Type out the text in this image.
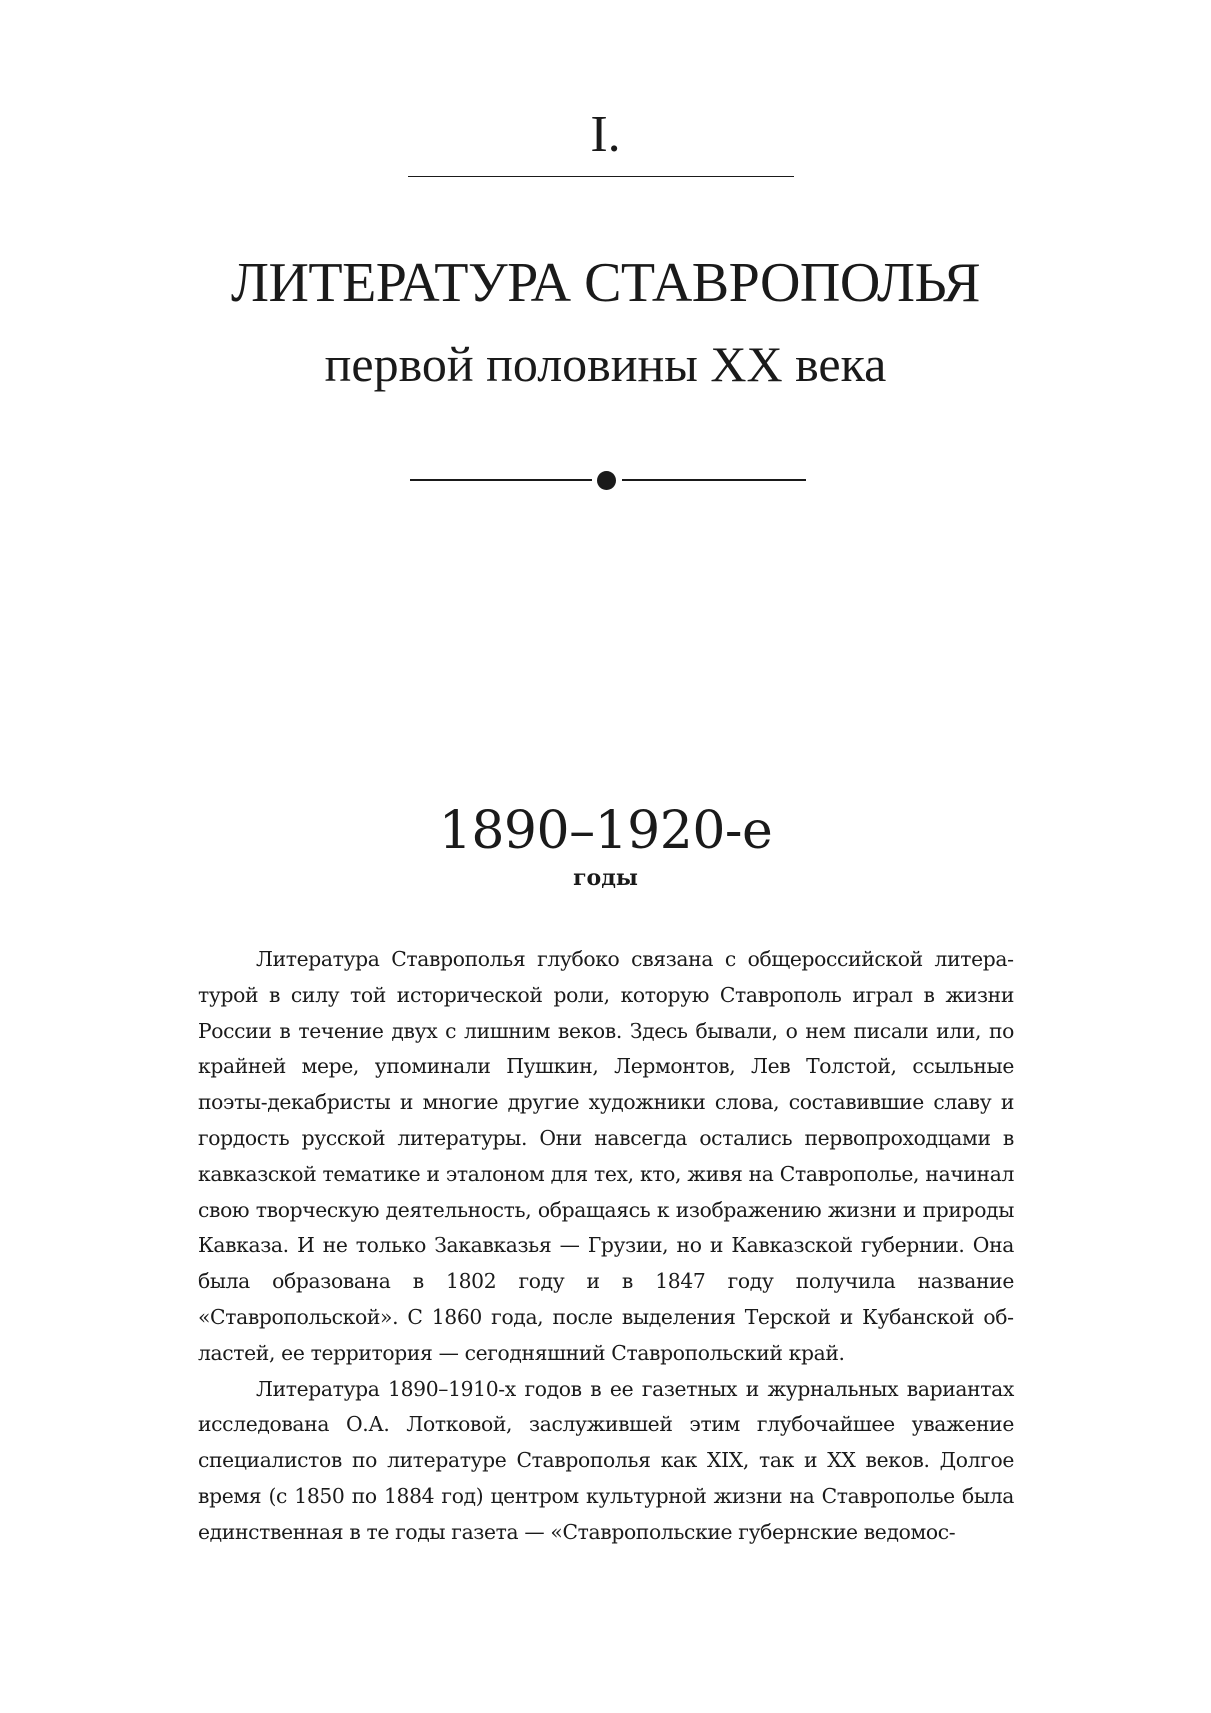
I.
ЛИТЕРАТУРА СТАВРОПОЛЬЯ
первой половины XX века
1890–1920-е
годы

Литература Ставрополья глубоко связана с общероссийской литературой в силу той исторической роли, которую Ставрополь играл в жизни России в течение двух с лишним веков. Здесь бывали, о нем писали или, по крайней мере, упоминали Пушкин, Лермонтов, Лев Толстой, ссыльные поэты-декабристы и многие другие художники слова, составившие славу и гордость русской литературы. Они навсегда остались первопроходцами в кавказской тематике и эталоном для тех, кто, живя на Ставрополье, начинал свою творческую деятельность, обращаясь к изображению жизни и природы Кавказа. И не только Закавказья — Грузии, но и Кавказской губернии. Она была образована в 1802 году и в 1847 году получила название «Ставропольской». С 1860 года, после выделения Терской и Кубанской областей, ее территория — сегодняшний Ставропольский край.

Литература 1890–1910-х годов в ее газетных и журнальных вариантах исследована О.А. Лотковой, заслужившей этим глубочайшее уважение специалистов по литературе Ставрополья как XIX, так и XX веков. Долгое время (с 1850 по 1884 год) центром культурной жизни на Ставрополье была единственная в те годы газета — «Ставропольские губернские ведомос-
